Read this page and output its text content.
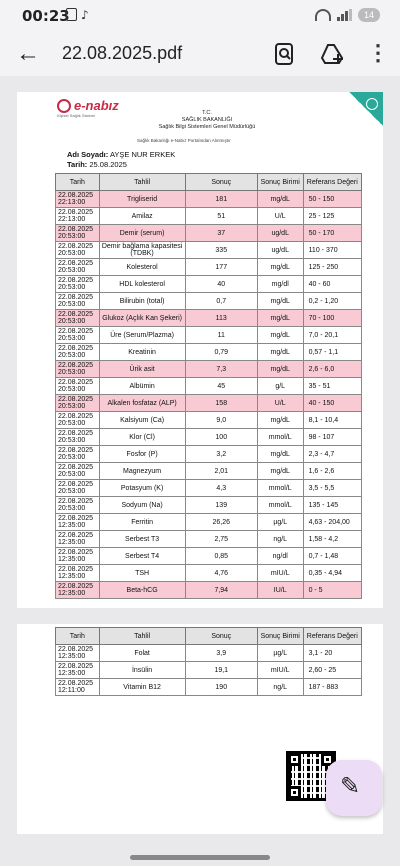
00:23 ♪	14
← 22.08.2025.pdf	⋮
e-nabız
Kişisel Sağlık Sistemi	T.C.
SAĞLIK BAKANLIĞI
Sağlık Bilgi Sistemleri Genel Müdürlüğü
Sağlık Bakanlığı e-Nabız Portalından Alınmıştır
Adı Soyadı: AYŞE NUR ERKEK
Tarih: 25.08.2025
Tarih	Tahlil	Sonuç	Sonuç Birimi	Referans Değeri
22.08.2025 22:13:00	Trigliserid	181	mg/dL	50 - 150
22.08.2025 22:13:00	Amilaz	51	U/L	25 - 125
22.08.2025 20:53:00	Demir (serum)	37	ug/dL	50 - 170
22.08.2025 20:53:00	Demir bağlama kapasitesi (TDBK)	335	ug/dL	110 - 370
22.08.2025 20:53:00	Kolesterol	177	mg/dL	125 - 250
22.08.2025 20:53:00	HDL kolesterol	40	mg/dl	40 - 60
22.08.2025 20:53:00	Bilirubin (total)	0,7	mg/dL	0,2 - 1,20
22.08.2025 20:53:00	Glukoz (Açlık Kan Şekeri)	113	mg/dL	70 - 100
22.08.2025 20:53:00	Üre (Serum/Plazma)	11	mg/dL	7,0 - 20,1
22.08.2025 20:53:00	Kreatinin	0,79	mg/dL	0,57 - 1,1
22.08.2025 20:53:00	Ürik asit	7,3	mg/dL	2,6 - 6,0
22.08.2025 20:53:00	Albümin	45	g/L	35 - 51
22.08.2025 20:53:00	Alkalen fosfataz (ALP)	158	U/L	40 - 150
22.08.2025 20:53:00	Kalsiyum (Ca)	9,0	mg/dL	8,1 - 10,4
22.08.2025 20:53:00	Klor (Cl)	100	mmol/L	98 - 107
22.08.2025 20:53:00	Fosfor (P)	3,2	mg/dL	2,3 - 4,7
22.08.2025 20:53:00	Magnezyum	2,01	mg/dL	1,6 - 2,6
22.08.2025 20:53:00	Potasyum (K)	4,3	mmol/L	3,5 - 5,5
22.08.2025 20:53:00	Sodyum (Na)	139	mmol/L	135 - 145
22.08.2025 12:35:00	Ferritin	26,26	µg/L	4,63 - 204,00
22.08.2025 12:35:00	Serbest T3	2,75	ng/L	1,58 - 4,2
22.08.2025 12:35:00	Serbest T4	0,85	ng/dl	0,7 - 1,48
22.08.2025 12:35:00	TSH	4,76	mIU/L	0,35 - 4,94
22.08.2025 12:35:00	Beta-hCG	7,94	IU/L	0 - 5
Tarih	Tahlil	Sonuç	Sonuç Birimi	Referans Değeri
22.08.2025 12:35:00	Folat	3,9	µg/L	3,1 - 20
22.08.2025 12:35:00	İnsülin	19,1	mIU/L	2,60 - 25
22.08.2025 12:11:00	Vitamin B12	190	ng/L	187 - 883
✎
